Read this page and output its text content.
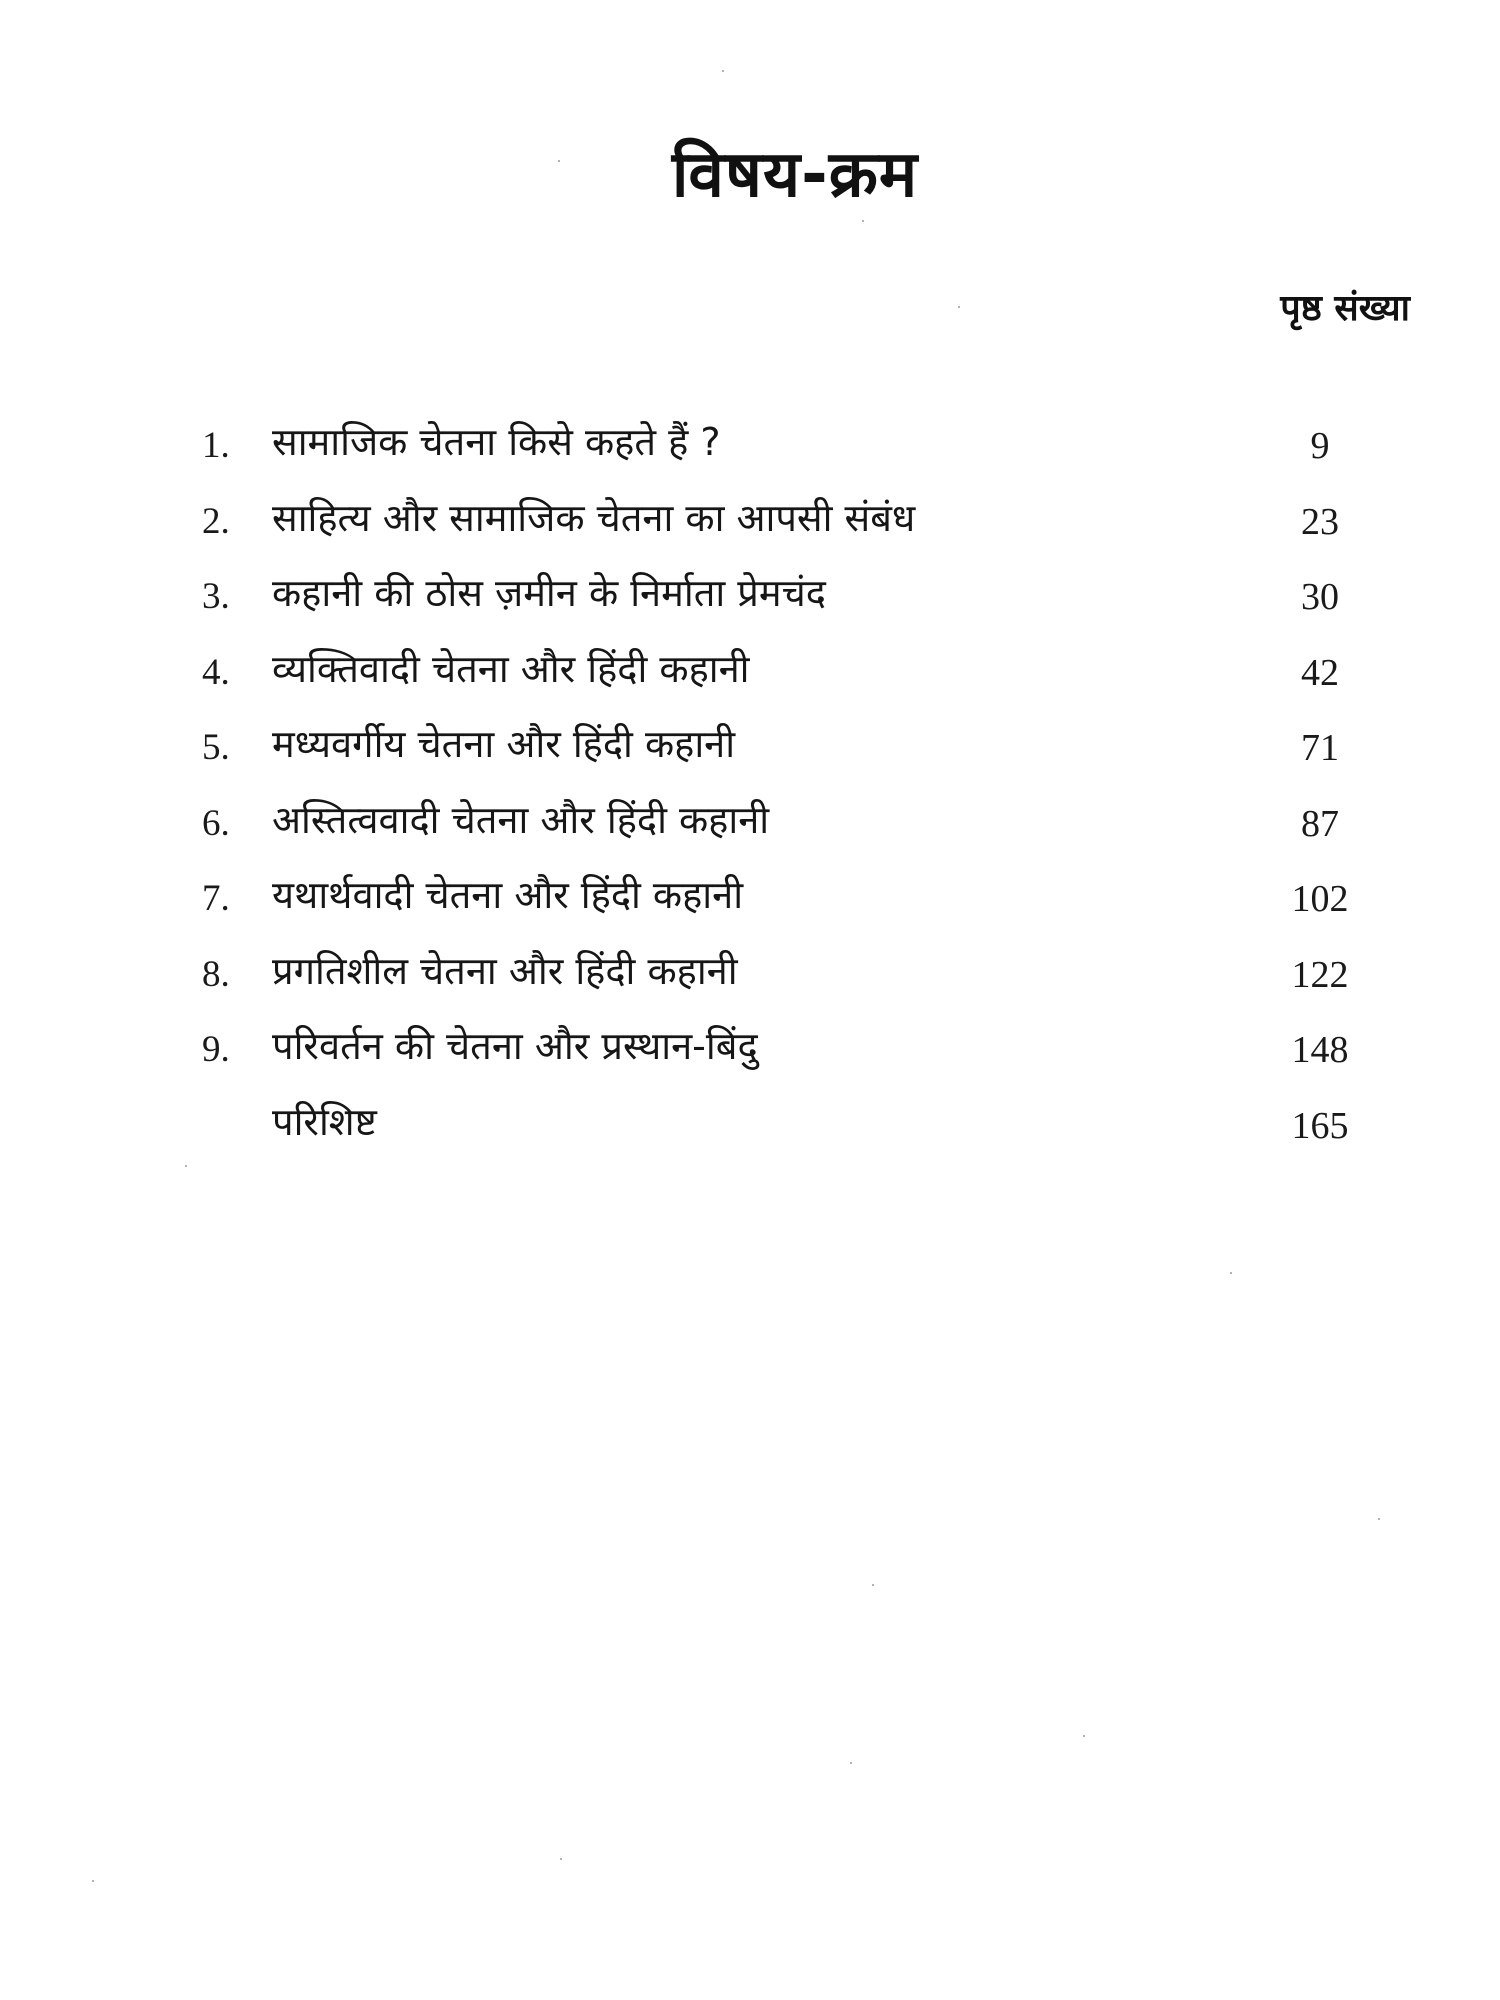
विषय-क्रम
पृष्ठ संख्या
1. सामाजिक चेतना किसे कहते हैं ?	9
2. साहित्य और सामाजिक चेतना का आपसी संबंध	23
3. कहानी की ठोस ज़मीन के निर्माता प्रेमचंद	30
4. व्यक्तिवादी चेतना और हिंदी कहानी	42
5. मध्यवर्गीय चेतना और हिंदी कहानी	71
6. अस्तित्ववादी चेतना और हिंदी कहानी	87
7. यथार्थवादी चेतना और हिंदी कहानी	102
8. प्रगतिशील चेतना और हिंदी कहानी	122
9. परिवर्तन की चेतना और प्रस्थान-बिंदु	148
परिशिष्ट	165
